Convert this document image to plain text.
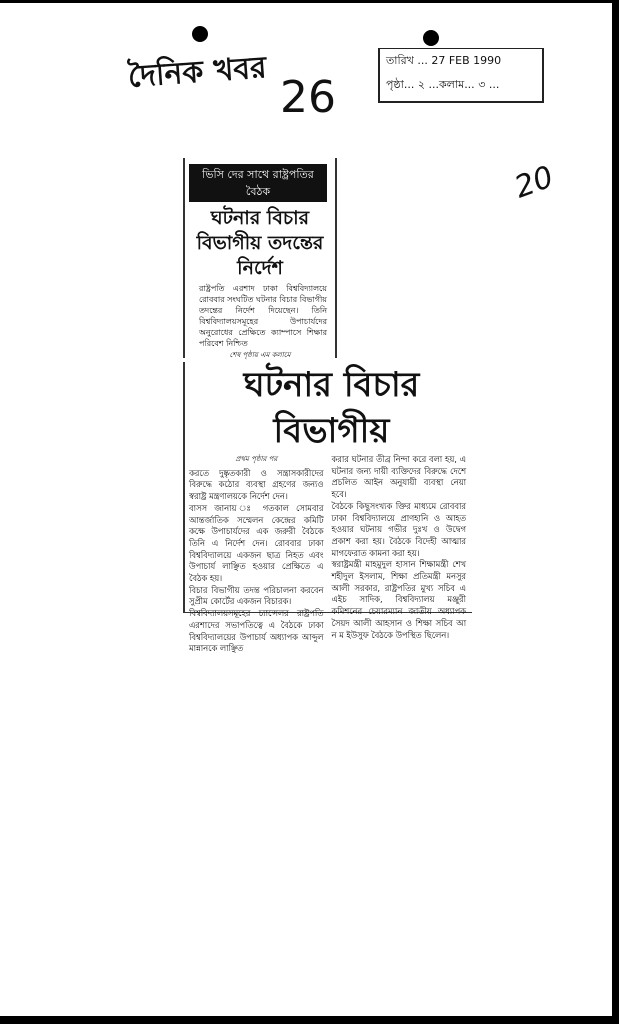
দৈনিক খবর 26
তারিখ ... 27 FEB 1990
পৃষ্ঠা... ২ ...কলাম... ৩ ...
20
ভিসি দের সাথে রাষ্ট্রপতির বৈঠক
ঘটনার বিচার বিভাগীয় তদন্তের নির্দেশ
রাষ্ট্রপতি এরশাদ ঢাকা বিশ্ববিদ্যালয়ে রোববার সংঘটিত ঘটনার বিচার বিভাগীয় তদন্তের নির্দেশ দিয়েছেন। তিনি বিশ্ববিদ্যালয়সমূহের উপাচার্যদের অনুরোধের প্রেক্ষিতে ক্যাম্পাসে শিক্ষার পরিবেশ নিশ্চিত
শেষ পৃষ্ঠায় এম কলামে
ঘটনার বিচার বিভাগীয়
প্রথম পৃষ্ঠার পর

করতে দুষ্কৃতকারী ও সন্ত্রাসকারীদের বিরুদ্ধে কঠোর ব্যবস্থা গ্রহণের জন্যও স্বরাষ্ট্র মন্ত্রণালয়কে নির্দেশ দেন।

বাসস জানায় ঃ গতকাল সোমবার আন্তর্জাতিক সম্মেলন কেন্দ্রের কমিটি কক্ষে উপাচার্যদের এক জরুরী বৈঠকে তিনি এ নির্দেশ দেন। রোববার ঢাকা বিশ্ববিদ্যালয়ে একজন ছাত্র নিহত এবং উপাচার্য লাঞ্ছিত হওয়ার প্রেক্ষিতে এ বৈঠক হয়।

বিচার বিভাগীয় তদন্ত পরিচালনা করবেন সুপ্রীম কোর্টের একজন বিচারক।

বিশ্ববিদ্যালয়সমূহের চ্যান্সেলর রাষ্ট্রপতি এরশাদের সভাপতিত্বে এ বৈঠকে ঢাকা বিশ্ববিদ্যালয়ের উপাচার্য অধ্যাপক আব্দুল মান্নানকে লাঞ্ছিত

করার ঘটনার তীব্র নিন্দা করে বলা হয়, এ ঘটনার জন্য দায়ী ব্যক্তিদের বিরুদ্ধে দেশে প্রচলিত আইন অনুযায়ী ব্যবস্থা নেয়া হবে।

বৈঠকে কিছুসংখ্যক ক্তির মাধ্যমে রোববার ঢাকা বিশ্ববিদ্যালয়ে প্রাণহানি ও আহত হওয়ার ঘটনায় গভীর দুঃখ ও উদ্বেগ প্রকাশ করা হয়। বৈঠকে বিদেহী আত্মার মাগফেরাত কামনা করা হয়।

স্বরাষ্ট্রমন্ত্রী মাহমুদুল হাসান শিক্ষামন্ত্রী শেখ শহীদুল ইসলাম, শিক্ষা প্রতিমন্ত্রী মনসুর আলী সরকার, রাষ্ট্রপতির মুখ্য সচিব এ এইচ সাদিক, বিশ্ববিদ্যালয় মঞ্জুরী কমিশনের চেয়ারম্যান জাতীয় অধ্যাপক সৈয়দ আলী আহসান ও শিক্ষা সচিব আ ন ম ইউসুফ বৈঠকে উপস্থিত ছিলেন।
